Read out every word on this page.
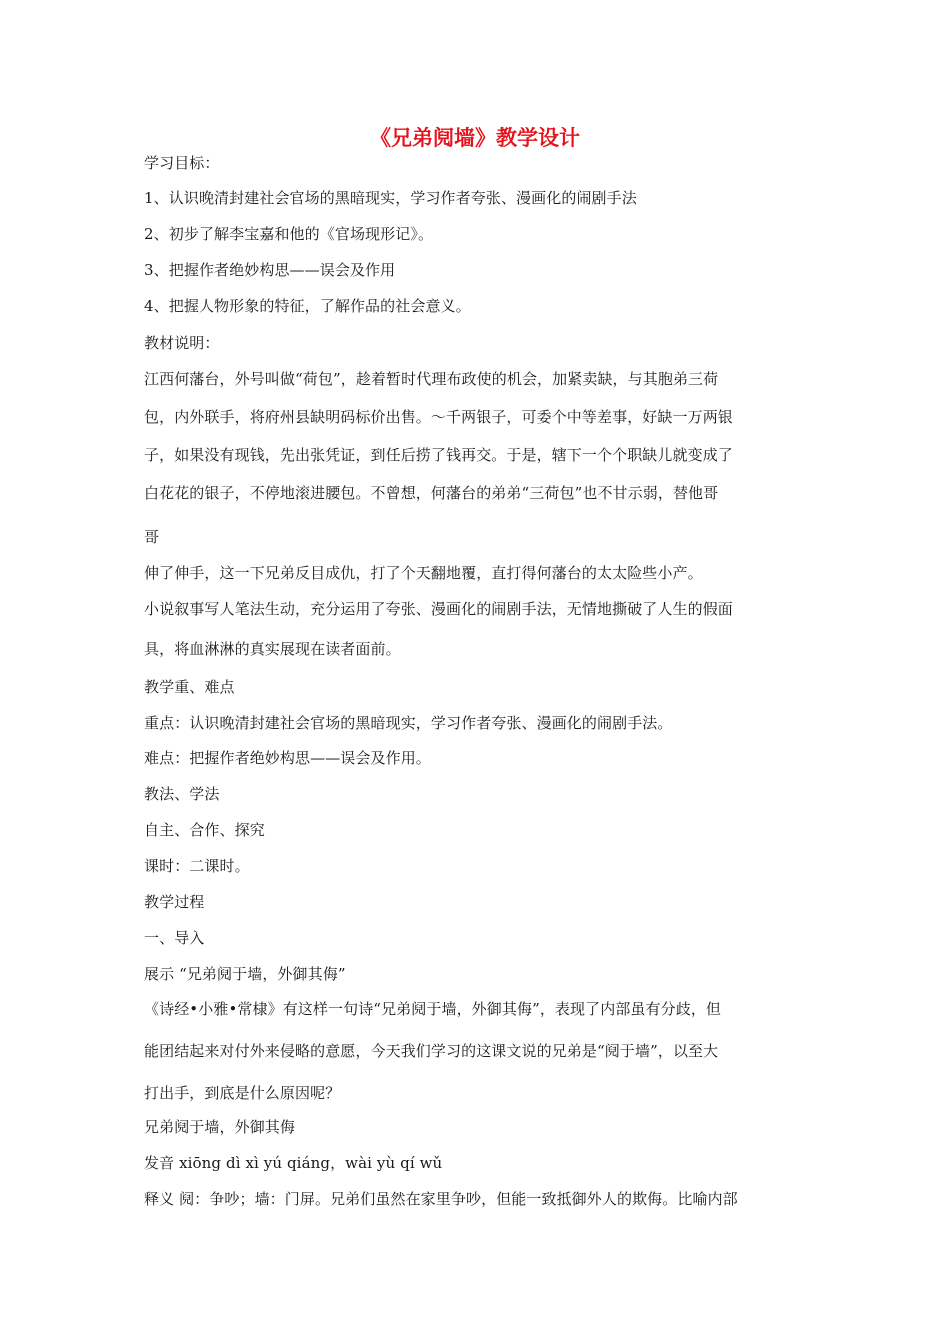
《兄弟阋墙》教学设计

学习目标：

1、认识晚清封建社会官场的黑暗现实，学习作者夸张、漫画化的闹剧手法

2、初步了解李宝嘉和他的《官场现形记》。

3、把握作者绝妙构思——误会及作用

4、把握人物形象的特征，了解作品的社会意义。

教材说明：

江西何藩台，外号叫做“荷包”，趁着暂时代理布政使的机会，加紧卖缺，与其胞弟三荷

包，内外联手，将府州县缺明码标价出售。～千两银子，可委个中等差事，好缺一万两银

子，如果没有现钱，先出张凭证，到任后捞了钱再交。于是，辖下一个个职缺儿就变成了

白花花的银子，不停地滚进腰包。不曾想，何藩台的弟弟“三荷包”也不甘示弱，替他哥

哥

伸了伸手，这一下兄弟反目成仇，打了个天翻地覆，直打得何藩台的太太险些小产。

小说叙事写人笔法生动，充分运用了夸张、漫画化的闹剧手法，无情地撕破了人生的假面

具，将血淋淋的真实展现在读者面前。

教学重、难点

重点：认识晚清封建社会官场的黑暗现实，学习作者夸张、漫画化的闹剧手法。

难点：把握作者绝妙构思——误会及作用。

教法、学法

自主、合作、探究

课时：二课时。

教学过程

一、导入

展示 “兄弟阋于墙，外御其侮”

《诗经•小雅•常棣》有这样一句诗“兄弟阋于墙，外御其侮”，表现了内部虽有分歧，但

能团结起来对付外来侵略的意愿，今天我们学习的这课文说的兄弟是“阋于墙”，以至大

打出手，到底是什么原因呢？

兄弟阋于墙，外御其侮

发音 xiōng dì xì yú qiáng，wài yù qí wǔ

释义 阋：争吵；墙：门屏。兄弟们虽然在家里争吵，但能一致抵御外人的欺侮。比喻内部
